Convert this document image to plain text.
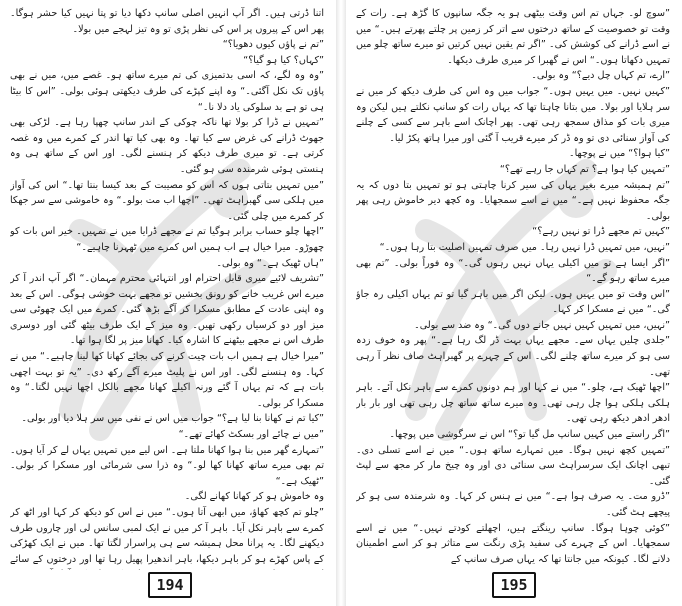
اتنا ڈرتی ہیں۔ اگر آپ انہیں اصلی سانپ دکھا دیا تو پتا نہیں کیا حشر ہوگا۔ پھر اس کے پیروں پر اس کی نظر پڑی تو وہ تیز لہجے میں بولا۔

”تم نے پاؤں کیوں دھویا؟“

”کہاں؟ کیا ہو گیا؟“

”وہ وہ لگے، کہ اسی بدتمیزی کی تم میرے ساتھ ہو۔ غصے میں، میں نے بھی پاؤں تک نکل آگئی۔“ وہ اپنے کپڑے کی طرف دیکھتی ہوئی بولی۔ ”اس کا بیٹا ہی تو ہے بد سلوکی یاد دلا نا۔“

”تمہیں نے ڈرا کر بولا تھا ناکہ چوکی کے اندر سانپ چھپا رہا ہے۔ لڑکی بھی جھوٹ ڈرانے کی غرض سے کیا تھا۔ وہ بھی کیا تھا اندر کے کمرے میں وہ غصہ کرتی ہے۔ تو میری طرف دیکھ کر ہنسنے لگی۔ اور اس کے ساتھ ہی وہ ہنستی ہوئی شرمندہ سی ہو گئی۔

”میں تمہیں بتاتی ہوں کہ اس کو مصیبت کے بعد کیسا بنتا تھا۔“ اس کی آواز میں ہلکی سی گھبراہٹ تھی۔ ”اچھا اب مت بولو۔“ وہ خاموشی سے سر جھکا کر کمرے میں چلی گئی۔

”اچھا چلو حساب برابر ہوگیا تم نے مجھے ڈرایا میں نے تمہیں۔ خیر اس بات کو چھوڑو۔ میرا خیال ہے اب ہمیں اس کمرے میں ٹھہرنا چاہیے۔“

”ہاں ٹھیک ہے۔“ وہ بولی۔

”تشریف لائیے میری قابل احترام اور انتہائی محترم مہمان۔“ اگر آپ اندر آ کر میرے اس غریب خانے کو رونق بخشیں تو مجھے بہت خوشی ہوگی۔ اس کے بعد وہ اپنی عادت کے مطابق مسکرا کر آگے بڑھ گئی۔ کمرے میں ایک چھوٹی سی میز اور دو کرسیاں رکھی تھیں۔ وہ میز کے ایک طرف بیٹھ گئی اور دوسری طرف اس نے مجھے بیٹھنے کا اشارہ کیا۔ کھانا میز پر لگا ہوا تھا۔

”میرا خیال ہے ہمیں اب بات چیت کرنے کی بجائے کھانا کھا لینا چاہیے۔“ میں نے کہا۔ وہ ہنسنے لگی۔ اور اس نے پلیٹ میرے آگے رکھ دی۔ ”یہ تو بہت اچھی بات ہے کہ تم یہاں آ گئے ورنہ اکیلے کھانا مجھے بالکل اچھا نہیں لگتا۔“ وہ مسکرا کر بولی۔

”کیا تم نے کھانا بنا لیا ہے؟“ جواب میں اس نے نفی میں سر ہلا دیا اور بولی۔

”میں نے چائے اور بسکٹ کھائے تھے۔“

”تمہارے گھر میں بنا ہوا کھانا ملتا ہے۔ اس لیے میں تمہیں یہاں لے کر آیا ہوں۔ تم بھی میرے ساتھ کھانا کھا لو۔“ وہ ذرا سی شرمائی اور مسکرا کر بولی۔ ”ٹھیک ہے۔“

وہ خاموش ہو کر کھانا کھانے لگی۔

”چلو تم کچھ کھاؤ، میں ابھی آتا ہوں۔“ میں نے اس کو دیکھ کر کہا اور اٹھ کر کمرے سے باہر نکل آیا۔ باہر آ کر میں نے ایک لمبی سانس لی اور چاروں طرف دیکھنے لگا۔ یہ پرانا محل ہمیشہ سے ہی پراسرار لگتا تھا۔ میں نے ایک کھڑکی کے پاس کھڑے ہو کر باہر دیکھا، باہر اندھیرا پھیل رہا تھا اور درختوں کے سائے

194

”سوچ لو۔ جہاں تم اس وقت بیٹھی ہو یہ جگہ سانپوں کا گڑھ ہے۔ رات کے وقت تو خصوصیت کے ساتھ درختوں سے اتر کر زمین پر چلتے پھرتے ہیں۔“ میں نے اسے ڈرانے کی کوشش کی۔ ”اگر تم یقین نہیں کرتیں تو میرے ساتھ چلو میں تمہیں دکھاتا ہوں۔“ اس نے گھبرا کر میری طرف دیکھا۔

”ارے، تم کہاں چل دیے؟“ وہ بولی۔

”کہیں نہیں۔ میں یہیں ہوں۔“ جواب میں وہ اس کی طرف دیکھ کر میں نے سر ہلایا اور بولا۔ میں بتانا چاہتا تھا کہ یہاں رات کو سانپ نکلتے ہیں لیکن وہ میری بات کو مذاق سمجھ رہی تھی۔ پھر اچانک اسے باہر سے کسی کے چلنے کی آواز سنائی دی تو وہ ڈر کر میرے قریب آ گئی اور میرا ہاتھ پکڑ لیا۔

”کیا ہوا؟“ میں نے پوچھا۔

”تمہیں کیا ہوا ہے؟ تم کہاں جا رہے تھے؟“

”تم ہمیشہ میرے بغیر یہاں کی سیر کرنا چاہتی ہو تو تمہیں بتا دوں کہ یہ جگہ محفوظ نہیں ہے۔“ میں نے اسے سمجھایا۔ وہ کچھ دیر خاموش رہی پھر بولی۔

”کہیں تم مجھے ڈرا تو نہیں رہے؟“

”نہیں، میں تمہیں ڈرا نہیں رہا۔ میں صرف تمہیں اصلیت بتا رہا ہوں۔“

”اگر ایسا ہے تو میں اکیلی یہاں نہیں رہوں گی۔“ وہ فوراً بولی۔ ”تم بھی میرے ساتھ رہو گے۔“

”اس وقت تو میں یہیں ہوں۔ لیکن اگر میں باہر گیا تو تم یہاں اکیلی رہ جاؤ گی۔“ میں نے مسکرا کر کہا۔

”نہیں، میں تمہیں کہیں نہیں جانے دوں گی۔“ وہ ضد سے بولی۔

”جلدی چلیں یہاں سے۔ مجھے یہاں بہت ڈر لگ رہا ہے۔“ پھر وہ خوف زدہ سی ہو کر میرے ساتھ چلنے لگی۔ اس کے چہرے پر گھبراہٹ صاف نظر آ رہی تھی۔

”اچھا ٹھیک ہے، چلو۔“ میں نے کہا اور ہم دونوں کمرے سے باہر نکل آئے۔ باہر ہلکی ہلکی ہوا چل رہی تھی۔ وہ میرے ساتھ ساتھ چل رہی تھی اور بار بار ادھر ادھر دیکھ رہی تھی۔

”اگر راستے میں کہیں سانپ مل گیا تو؟“ اس نے سرگوشی میں پوچھا۔

”تمہیں کچھ نہیں ہوگا۔ میں تمہارے ساتھ ہوں۔“ میں نے اسے تسلی دی۔ تبھی اچانک ایک سرسراہٹ سی سنائی دی اور وہ چیخ مار کر مجھ سے لپٹ گئی۔

”ڈرو مت۔ یہ صرف ہوا ہے۔“ میں نے ہنس کر کہا۔ وہ شرمندہ سی ہو کر پیچھے ہٹ گئی۔

”کوئی چوہا ہوگا۔ سانپ رینگتے ہیں، اچھلتے کودتے نہیں۔“ میں نے اسے سمجھایا۔ اس کے چہرے کی سفید پڑی رنگت سے متاثر ہو کر اسے اطمینان دلانے لگا۔ کیونکہ میں جانتا تھا کہ یہاں صرف سانپ کے

195
